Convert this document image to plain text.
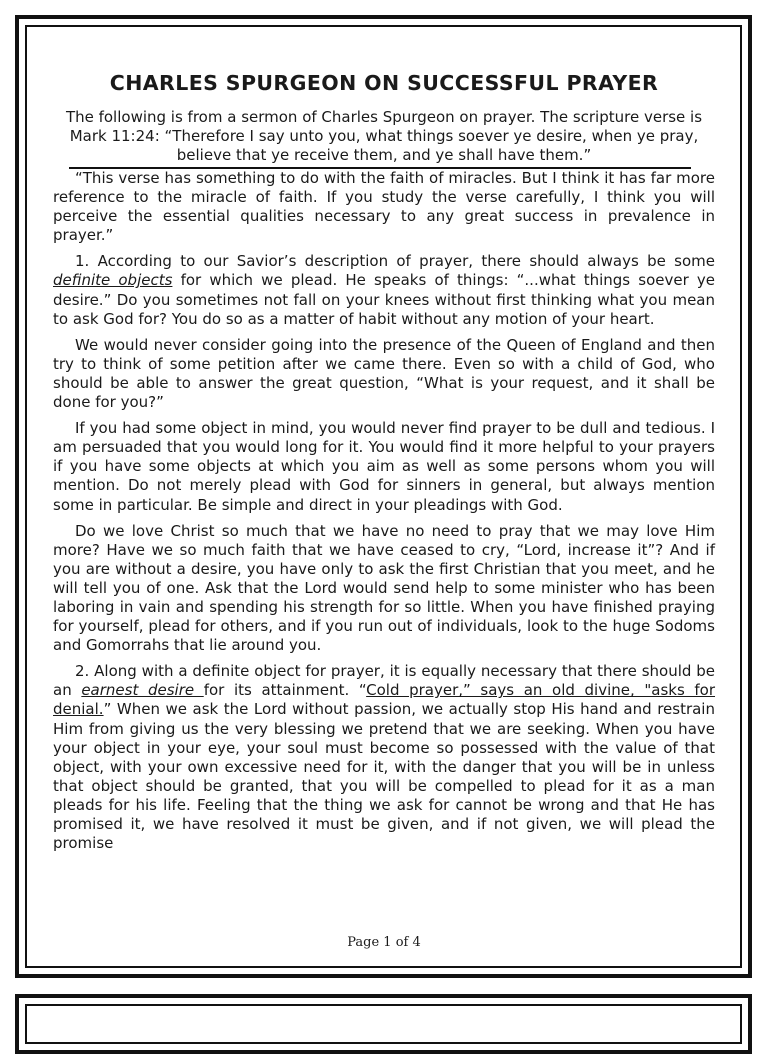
CHARLES SPURGEON ON SUCCESSFUL PRAYER
The following is from a sermon of Charles Spurgeon on prayer. The scripture verse is Mark 11:24: “Therefore I say unto you, what things soever ye desire, when ye pray, believe that ye receive them, and ye shall have them.”

“This verse has something to do with the faith of miracles. But I think it has far more reference to the miracle of faith. If you study the verse carefully, I think you will perceive the essential qualities necessary to any great success in prevalence in prayer.”

1. According to our Savior’s description of prayer, there should always be some definite objects for which we plead. He speaks of things: “...what things soever ye desire.” Do you sometimes not fall on your knees without first thinking what you mean to ask God for? You do so as a matter of habit without any motion of your heart.

We would never consider going into the presence of the Queen of England and then try to think of some petition after we came there. Even so with a child of God, who should be able to answer the great question, “What is your request, and it shall be done for you?”

If you had some object in mind, you would never find prayer to be dull and tedious. I am persuaded that you would long for it. You would find it more helpful to your prayers if you have some objects at which you aim as well as some persons whom you will mention. Do not merely plead with God for sinners in general, but always mention some in particular. Be simple and direct in your pleadings with God.

Do we love Christ so much that we have no need to pray that we may love Him more? Have we so much faith that we have ceased to cry, “Lord, increase it”? And if you are without a desire, you have only to ask the first Christian that you meet, and he will tell you of one. Ask that the Lord would send help to some minister who has been laboring in vain and spending his strength for so little. When you have finished praying for yourself, plead for others, and if you run out of individuals, look to the huge Sodoms and Gomorrahs that lie around you.

2. Along with a definite object for prayer, it is equally necessary that there should be an earnest desire for its attainment. “Cold prayer,” says an old divine, "asks for denial.” When we ask the Lord without passion, we actually stop His hand and restrain Him from giving us the very blessing we pretend that we are seeking. When you have your object in your eye, your soul must become so possessed with the value of that object, with your own excessive need for it, with the danger that you will be in unless that object should be granted, that you will be compelled to plead for it as a man pleads for his life. Feeling that the thing we ask for cannot be wrong and that He has promised it, we have resolved it must be given, and if not given, we will plead the promise

Page 1 of 4
